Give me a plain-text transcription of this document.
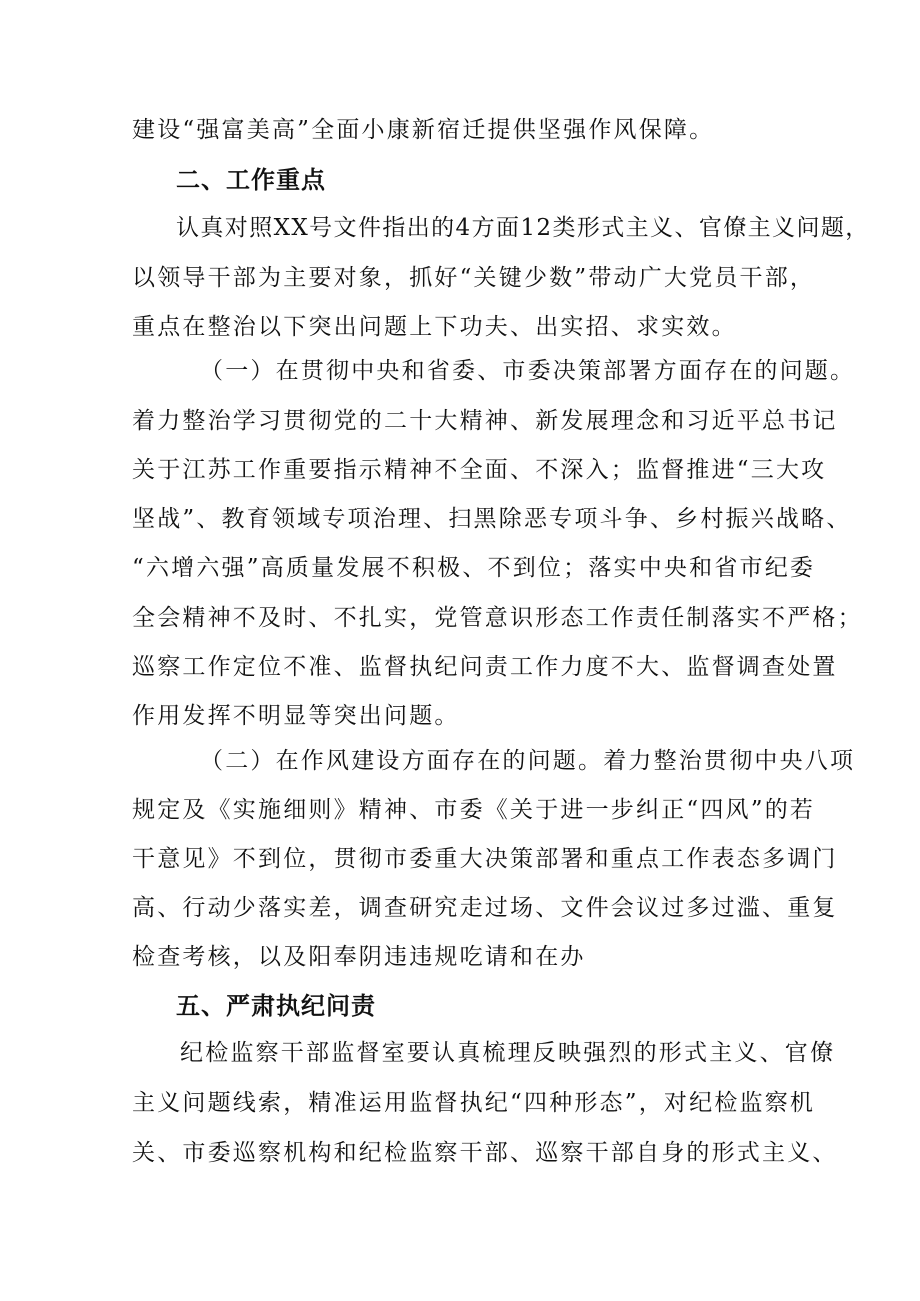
建设“强富美高”全面小康新宿迁提供坚强作风保障。
二、工作重点
认真对照XX号文件指出的4方面12类形式主义、官僚主义问题，
以领导干部为主要对象，抓好“关键少数”带动广大党员干部，
重点在整治以下突出问题上下功夫、出实招、求实效。
（一）在贯彻中央和省委、市委决策部署方面存在的问题。
着力整治学习贯彻党的二十大精神、新发展理念和习近平总书记
关于江苏工作重要指示精神不全面、不深入；监督推进“三大攻
坚战”、教育领域专项治理、扫黑除恶专项斗争、乡村振兴战略、
“六增六强”高质量发展不积极、不到位；落实中央和省市纪委
全会精神不及时、不扎实，党管意识形态工作责任制落实不严格；
巡察工作定位不准、监督执纪问责工作力度不大、监督调查处置
作用发挥不明显等突出问题。
（二）在作风建设方面存在的问题。着力整治贯彻中央八项
规定及《实施细则》精神、市委《关于进一步纠正“四风”的若
干意见》不到位，贯彻市委重大决策部署和重点工作表态多调门
高、行动少落实差，调查研究走过场、文件会议过多过滥、重复
检查考核，以及阳奉阴违违规吃请和在办
五、严肃执纪问责
纪检监察干部监督室要认真梳理反映强烈的形式主义、官僚
主义问题线索，精准运用监督执纪“四种形态”，对纪检监察机
关、市委巡察机构和纪检监察干部、巡察干部自身的形式主义、
